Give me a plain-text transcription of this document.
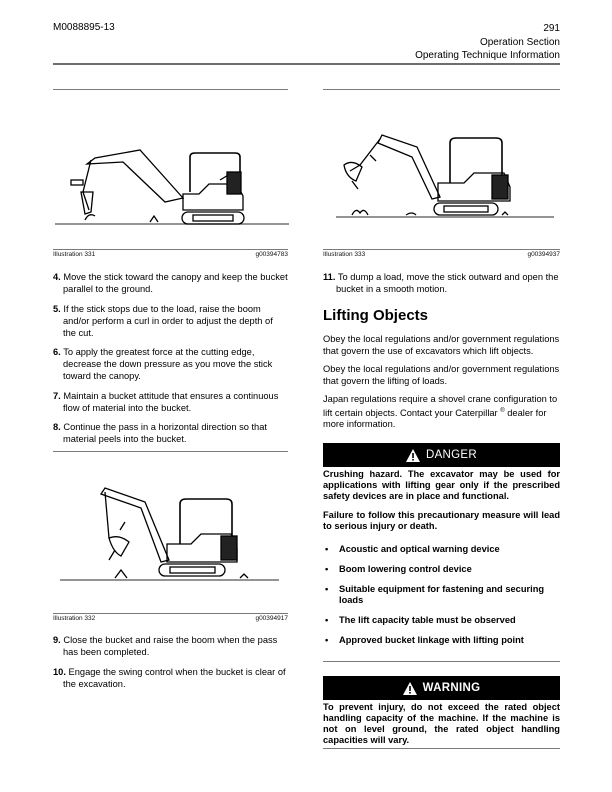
M0088895-13	291
Operation Section
Operating Technique Information
Illustration 331	g00394783

4. Move the stick toward the canopy and keep the bucket parallel to the ground.

5. If the stick stops due to the load, raise the boom and/or perform a curl in order to adjust the depth of the cut.

6. To apply the greatest force at the cutting edge, decrease the down pressure as you move the stick toward the canopy.

7. Maintain a bucket attitude that ensures a continuous flow of material into the bucket.

8. Continue the pass in a horizontal direction so that material peels into the bucket.

Illustration 332	g00394917

9. Close the bucket and raise the boom when the pass has been completed.

10. Engage the swing control when the bucket is clear of the excavation.

Illustration 333	g00394937

11. To dump a load, move the stick outward and open the bucket in a smooth motion.

Lifting Objects

Obey the local regulations and/or government regulations that govern the use of excavators which lift objects.

Obey the local regulations and/or government regulations that govern the lifting of loads.

Japan regulations require a shovel crane configuration to lift certain objects. Contact your Caterpillar ® dealer for more information.

DANGER

Crushing hazard. The excavator may be used for applications with lifting gear only if the prescribed safety devices are in place and functional.

Failure to follow this precautionary measure will lead to serious injury or death.

• Acoustic and optical warning device
• Boom lowering control device
• Suitable equipment for fastening and securing loads
• The lift capacity table must be observed
• Approved bucket linkage with lifting point
WARNING

To prevent injury, do not exceed the rated object handling capacity of the machine. If the machine is not on level ground, the rated object handling capacities will vary.
